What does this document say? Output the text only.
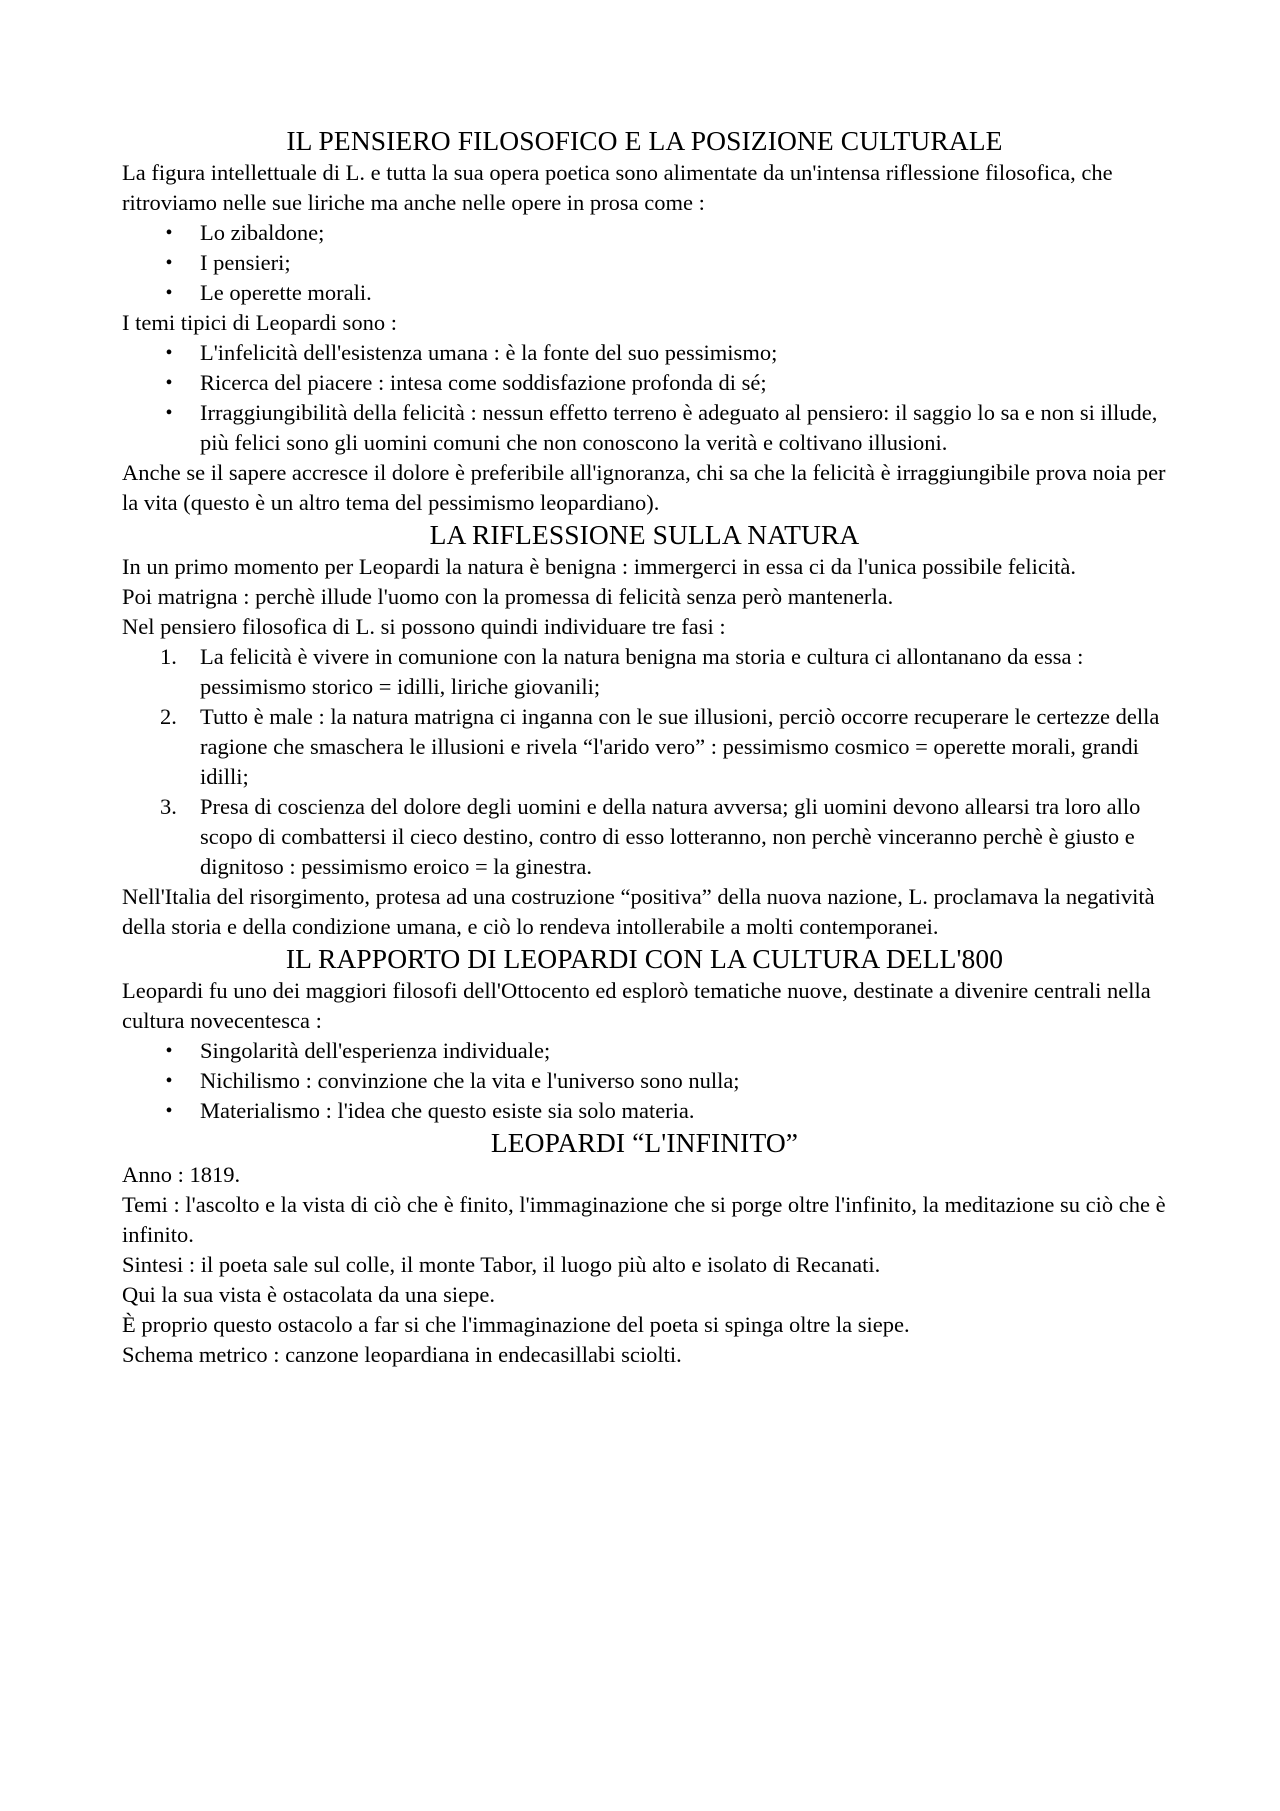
IL PENSIERO FILOSOFICO E LA POSIZIONE CULTURALE

La figura intellettuale di L. e tutta la sua opera poetica sono alimentate da un'intensa riflessione filosofica, che ritroviamo nelle sue liriche ma anche nelle opere in prosa come :

• Lo zibaldone;
• I pensieri;
• Le operette morali.

I temi tipici di Leopardi sono :

• L'infelicità dell'esistenza umana : è la fonte del suo pessimismo;
• Ricerca del piacere : intesa come soddisfazione profonda di sé;
• Irraggiungibilità della felicità : nessun effetto terreno è adeguato al pensiero: il saggio lo sa e non si illude, più felici sono gli uomini comuni che non conoscono la verità e coltivano illusioni.

Anche se il sapere accresce il dolore è preferibile all'ignoranza, chi sa che la felicità è irraggiungibile prova noia per la vita (questo è un altro tema del pessimismo leopardiano).

LA RIFLESSIONE SULLA NATURA

In un primo momento per Leopardi la natura è benigna : immergerci in essa ci da l'unica possibile felicità.

Poi matrigna : perchè illude l'uomo con la promessa di felicità senza però mantenerla.

Nel pensiero filosofica di L. si possono quindi individuare tre fasi :

1.	La felicità è vivere in comunione con la natura benigna ma storia e cultura ci allontanano da essa : pessimismo storico = idilli, liriche giovanili;
2.	Tutto è male : la natura matrigna ci inganna con le sue illusioni, perciò occorre recuperare le certezze della ragione che smaschera le illusioni e rivela “l'arido vero” : pessimismo cosmico = operette morali, grandi idilli;
3.	Presa di coscienza del dolore degli uomini e della natura avversa; gli uomini devono allearsi tra loro allo scopo di combattersi il cieco destino, contro di esso lotteranno, non perchè vinceranno perchè è giusto e dignitoso : pessimismo eroico = la ginestra.

Nell'Italia del risorgimento, protesa ad una costruzione “positiva” della nuova nazione, L. proclamava la negatività della storia e della condizione umana, e ciò lo rendeva intollerabile a molti contemporanei.

IL RAPPORTO DI LEOPARDI CON LA CULTURA DELL'800

Leopardi fu uno dei maggiori filosofi dell'Ottocento ed esplorò tematiche nuove, destinate a divenire centrali nella cultura novecentesca :

• Singolarità dell'esperienza individuale;
• Nichilismo : convinzione che la vita e l'universo sono nulla;
• Materialismo : l'idea che questo esiste sia solo materia.
LEOPARDI “L'INFINITO”

Anno : 1819.

Temi : l'ascolto e la vista di ciò che è finito, l'immaginazione che si porge oltre l'infinito, la meditazione su ciò che è infinito.

Sintesi : il poeta sale sul colle, il monte Tabor, il luogo più alto e isolato di Recanati.

Qui la sua vista è ostacolata da una siepe.

È proprio questo ostacolo a far si che l'immaginazione del poeta si spinga oltre la siepe.

Schema metrico : canzone leopardiana in endecasillabi sciolti.
